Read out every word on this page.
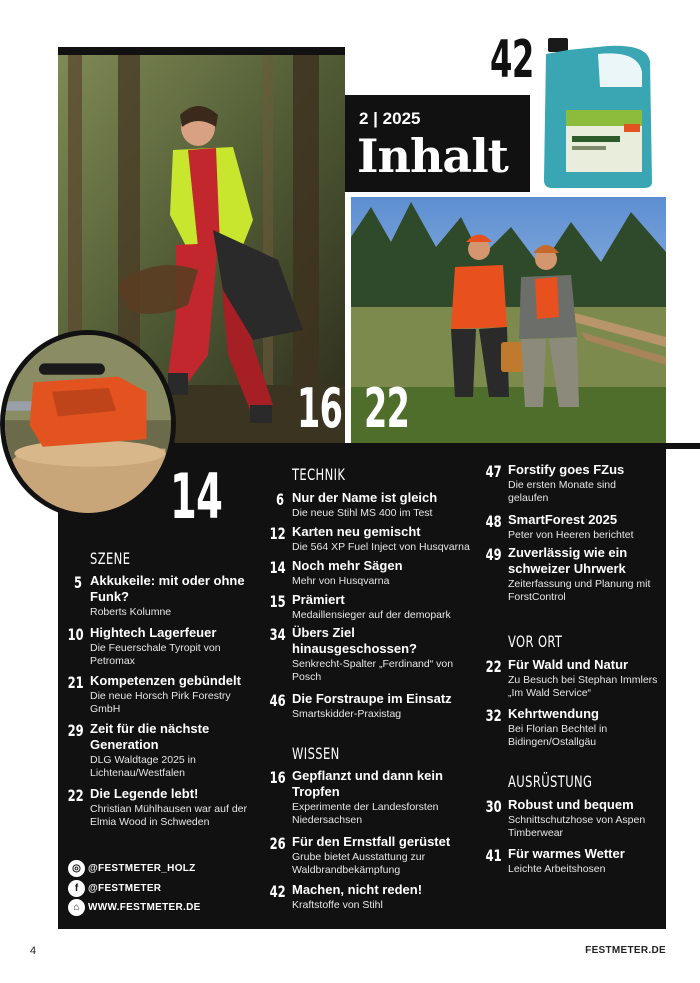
42
2 | 2025
Inhalt
16 22
14
SZENE
5 Akkukeile: mit oder ohne Funk?
Roberts Kolumne
10 Hightech Lagerfeuer
Die Feuerschale Tyropit von Petromax
21 Kompetenzen gebündelt
Die neue Horsch Pirk Forestry GmbH
29 Zeit für die nächste Generation
DLG Waldtage 2025 in Lichtenau/Westfalen
22 Die Legende lebt!
Christian Mühlhausen war auf der Elmia Wood in Schweden
◎ @FESTMETER_HOLZ
f @FESTMETER
⌂ WWW.FESTMETER.DE
TECHNIK
6 Nur der Name ist gleich
Die neue Stihl MS 400 im Test
12 Karten neu gemischt
Die 564 XP Fuel Inject von Husqvarna
14 Noch mehr Sägen
Mehr von Husqvarna
15 Prämiert
Medaillensieger auf der demopark
34 Übers Ziel hinausgeschossen?
Senkrecht-Spalter „Ferdinand“ von Posch
46 Die Forstraupe im Einsatz
Smartskidder-Praxistag
WISSEN
16 Gepflanzt und dann kein Tropfen
Experimente der Landesforsten Niedersachsen
26 Für den Ernstfall gerüstet
Grube bietet Ausstattung zur Waldbrandbekämpfung
42 Machen, nicht reden!
Kraftstoffe von Stihl
47 Forstify goes FZus
Die ersten Monate sind gelaufen
48 SmartForest 2025
Peter von Heeren berichtet
49 Zuverlässig wie ein schweizer Uhrwerk
Zeiterfassung und Planung mit ForstControl
VOR ORT
22 Für Wald und Natur
Zu Besuch bei Stephan Immlers „Im Wald Service“
32 Kehrtwendung
Bei Florian Bechtel in Bidingen/Ostallgäu
AUSRÜSTUNG
30 Robust und bequem
Schnittschutzhose von Aspen Timberwear
41 Für warmes Wetter
Leichte Arbeitshosen
4	FESTMETER.DE
